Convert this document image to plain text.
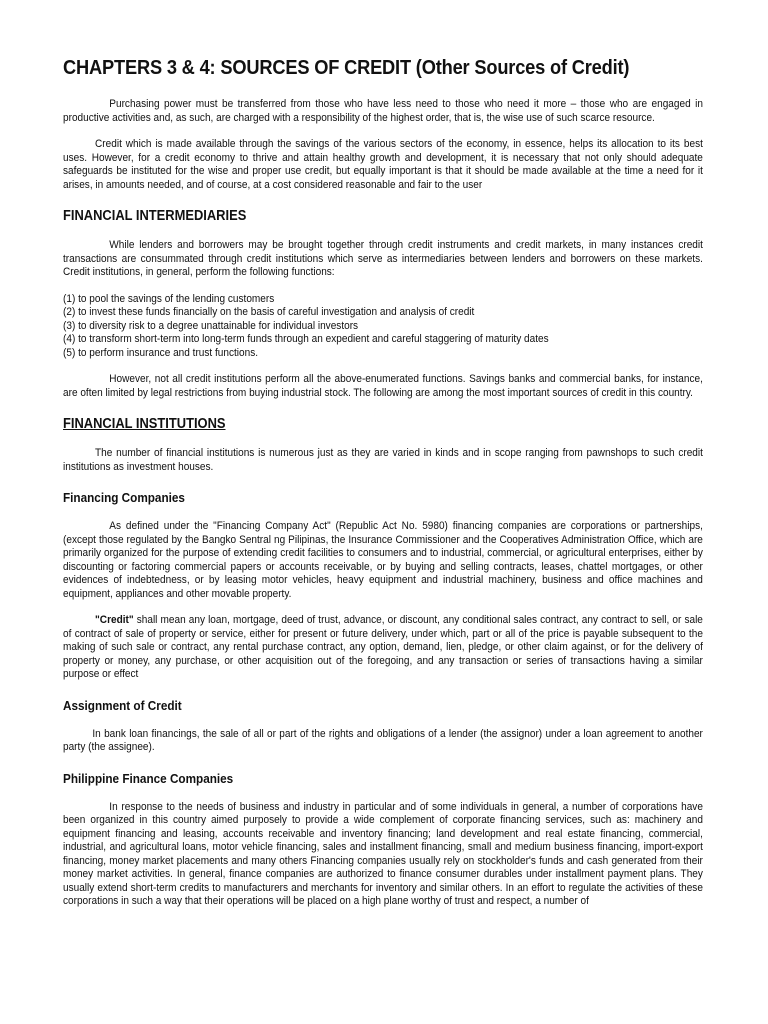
CHAPTERS 3 & 4: SOURCES OF CREDIT (Other Sources of Credit)

Purchasing power must be transferred from those who have less need to those who need it more – those who are engaged in productive activities and, as such, are charged with a responsibility of the highest order, that is, the wise use of such scarce resource.

Credit which is made available through the savings of the various sectors of the economy, in essence, helps its allocation to its best uses. However, for a credit economy to thrive and attain healthy growth and development, it is necessary that not only should adequate safeguards be instituted for the wise and proper use credit, but equally important is that it should be made available at the time a need for it arises, in amounts needed, and of course, at a cost considered reasonable and fair to the user

FINANCIAL INTERMEDIARIES

While lenders and borrowers may be brought together through credit instruments and credit markets, in many instances credit transactions are consummated through credit institutions which serve as intermediaries between lenders and borrowers on these markets. Credit institutions, in general, perform the following functions:

(1) to pool the savings of the lending customers
(2) to invest these funds financially on the basis of careful investigation and analysis of credit
(3) to diversity risk to a degree unattainable for individual investors
(4) to transform short-term into long-term funds through an expedient and careful staggering of maturity dates
(5) to perform insurance and trust functions.

However, not all credit institutions perform all the above-enumerated functions. Savings banks and commercial banks, for instance, are often limited by legal restrictions from buying industrial stock. The following are among the most important sources of credit in this country.

FINANCIAL INSTITUTIONS

The number of financial institutions is numerous just as they are varied in kinds and in scope ranging from pawnshops to such credit institutions as investment houses.

Financing Companies

As defined under the "Financing Company Act" (Republic Act No. 5980) financing companies are corporations or partnerships, (except those regulated by the Bangko Sentral ng Pilipinas, the Insurance Commissioner and the Cooperatives Administration Office, which are primarily organized for the purpose of extending credit facilities to consumers and to industrial, commercial, or agricultural enterprises, either by discounting or factoring commercial papers or accounts receivable, or by buying and selling contracts, leases, chattel mortgages, or other evidences of indebtedness, or by leasing motor vehicles, heavy equipment and industrial machinery, business and office machines and equipment, appliances and other movable property.

"Credit" shall mean any loan, mortgage, deed of trust, advance, or discount, any conditional sales contract, any contract to sell, or sale of contract of sale of property or service, either for present or future delivery, under which, part or all of the price is payable subsequent to the making of such sale or contract, any rental purchase contract, any option, demand, lien, pledge, or other claim against, or for the delivery of property or money, any purchase, or other acquisition out of the foregoing, and any transaction or series of transactions having a similar purpose or effect

Assignment of Credit

In bank loan financings, the sale of all or part of the rights and obligations of a lender (the assignor) under a loan agreement to another party (the assignee).

Philippine Finance Companies

In response to the needs of business and industry in particular and of some individuals in general, a number of corporations have been organized in this country aimed purposely to provide a wide complement of corporate financing services, such as: machinery and equipment financing and leasing, accounts receivable and inventory financing; land development and real estate financing, commercial, industrial, and agricultural loans, motor vehicle financing, sales and installment financing, small and medium business financing, import-export financing, money market placements and many others Financing companies usually rely on stockholder's funds and cash generated from their money market activities. In general, finance companies are authorized to finance consumer durables under installment payment plans. They usually extend short-term credits to manufacturers and merchants for inventory and similar others. In an effort to regulate the activities of these corporations in such a way that their operations will be placed on a high plane worthy of trust and respect, a number of
